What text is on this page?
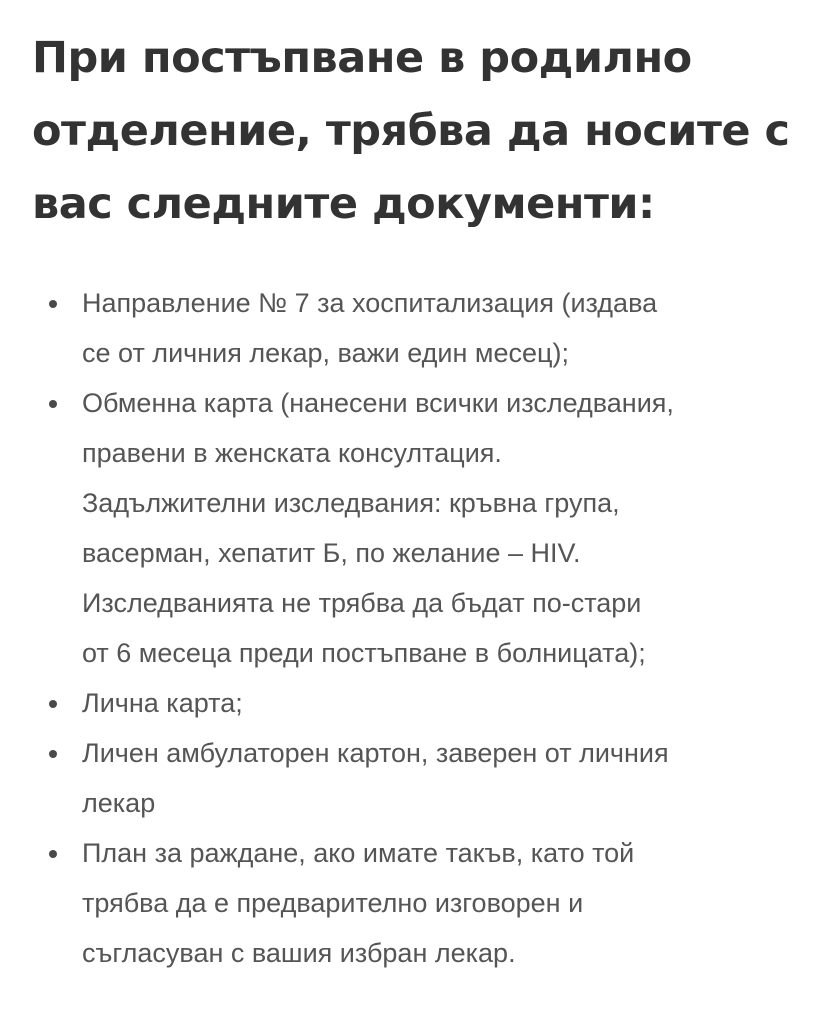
При постъпване в родилно
отделение, трябва да носите с
вас следните документи:
Направление № 7 за хоспитализация (издава
се от личния лекар, важи един месец);
Обменна карта (нанесени всички изследвания,
правени в женската консултация.
Задължителни изследвания: кръвна група,
васерман, хепатит Б, по желание – HIV.
Изследванията не трябва да бъдат по-стари
от 6 месеца преди постъпване в болницата);
Лична карта;
Личен амбулаторен картон, заверен от личния
лекар
План за раждане, ако имате такъв, като той
трябва да е предварително изговорен и
съгласуван с вашия избран лекар.
